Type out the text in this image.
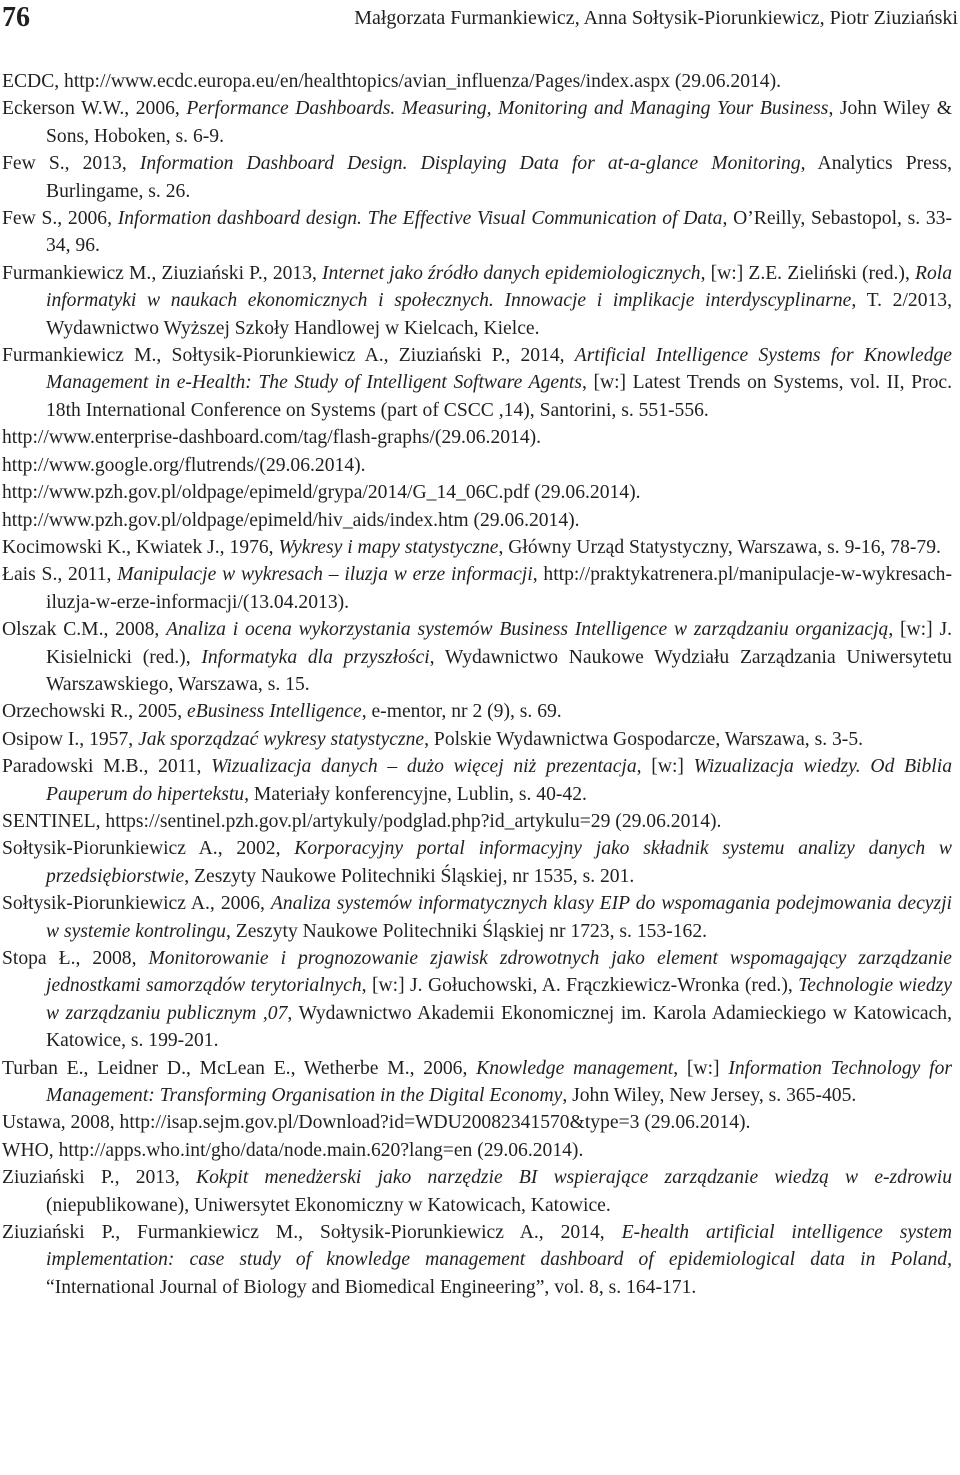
76	Małgorzata Furmankiewicz, Anna Sołtysik-Piorunkiewicz, Piotr Ziuziański

ECDC, http://www.ecdc.europa.eu/en/healthtopics/avian_influenza/Pages/index.aspx (29.06.2014).

Eckerson W.W., 2006, Performance Dashboards. Measuring, Monitoring and Managing Your Business, John Wiley & Sons, Hoboken, s. 6-9.

Few S., 2013, Information Dashboard Design. Displaying Data for at-a-glance Monitoring, Analytics Press, Burlingame, s. 26.

Few S., 2006, Information dashboard design. The Effective Visual Communication of Data, O’Reilly, Sebastopol, s. 33-34, 96.

Furmankiewicz M., Ziuziański P., 2013, Internet jako źródło danych epidemiologicznych, [w:] Z.E. Zieliński (red.), Rola informatyki w naukach ekonomicznych i społecznych. Innowacje i implikacje interdyscyplinarne, T. 2/2013, Wydawnictwo Wyższej Szkoły Handlowej w Kielcach, Kielce.

Furmankiewicz M., Sołtysik-Piorunkiewicz A., Ziuziański P., 2014, Artificial Intelligence Systems for Knowledge Management in e-Health: The Study of Intelligent Software Agents, [w:] Latest Trends on Systems, vol. II, Proc. 18th International Conference on Systems (part of CSCC ,14), Santorini, s. 551-556.

http://www.enterprise-dashboard.com/tag/flash-graphs/(29.06.2014).

http://www.google.org/flutrends/(29.06.2014).

http://www.pzh.gov.pl/oldpage/epimeld/grypa/2014/G_14_06C.pdf (29.06.2014).

http://www.pzh.gov.pl/oldpage/epimeld/hiv_aids/index.htm (29.06.2014).

Kocimowski K., Kwiatek J., 1976, Wykresy i mapy statystyczne, Główny Urząd Statystyczny, Warszawa, s. 9-16, 78-79.

Łais S., 2011, Manipulacje w wykresach – iluzja w erze informacji, http://praktykatrenera.pl/manipulacje-w-wykresach-iluzja-w-erze-informacji/(13.04.2013).

Olszak C.M., 2008, Analiza i ocena wykorzystania systemów Business Intelligence w zarządzaniu organizacją, [w:] J. Kisielnicki (red.), Informatyka dla przyszłości, Wydawnictwo Naukowe Wydziału Zarządzania Uniwersytetu Warszawskiego, Warszawa, s. 15.

Orzechowski R., 2005, eBusiness Intelligence, e-mentor, nr 2 (9), s. 69.

Osipow I., 1957, Jak sporządzać wykresy statystyczne, Polskie Wydawnictwa Gospodarcze, Warszawa, s. 3-5.

Paradowski M.B., 2011, Wizualizacja danych – dużo więcej niż prezentacja, [w:] Wizualizacja wiedzy. Od Biblia Pauperum do hipertekstu, Materiały konferencyjne, Lublin, s. 40-42.

SENTINEL, https://sentinel.pzh.gov.pl/artykuly/podglad.php?id_artykulu=29 (29.06.2014).

Sołtysik-Piorunkiewicz A., 2002, Korporacyjny portal informacyjny jako składnik systemu analizy danych w przedsiębiorstwie, Zeszyty Naukowe Politechniki Śląskiej, nr 1535, s. 201.

Sołtysik-Piorunkiewicz A., 2006, Analiza systemów informatycznych klasy EIP do wspomagania podejmowania decyzji w systemie kontrolingu, Zeszyty Naukowe Politechniki Śląskiej nr 1723, s. 153-162.

Stopa Ł., 2008, Monitorowanie i prognozowanie zjawisk zdrowotnych jako element wspomagający zarządzanie jednostkami samorządów terytorialnych, [w:] J. Gołuchowski, A. Frączkiewicz-Wronka (red.), Technologie wiedzy w zarządzaniu publicznym ,07, Wydawnictwo Akademii Ekonomicznej im. Karola Adamieckiego w Katowicach, Katowice, s. 199-201.

Turban E., Leidner D., McLean E., Wetherbe M., 2006, Knowledge management, [w:] Information Technology for Management: Transforming Organisation in the Digital Economy, John Wiley, New Jersey, s. 365-405.

Ustawa, 2008, http://isap.sejm.gov.pl/Download?id=WDU20082341570&type=3 (29.06.2014).

WHO, http://apps.who.int/gho/data/node.main.620?lang=en (29.06.2014).

Ziuziański P., 2013, Kokpit menedżerski jako narzędzie BI wspierające zarządzanie wiedzą w e-zdrowiu (niepublikowane), Uniwersytet Ekonomiczny w Katowicach, Katowice.

Ziuziański P., Furmankiewicz M., Sołtysik-Piorunkiewicz A., 2014, E-health artificial intelligence system implementation: case study of knowledge management dashboard of epidemiological data in Poland, “International Journal of Biology and Biomedical Engineering”, vol. 8, s. 164-171.
